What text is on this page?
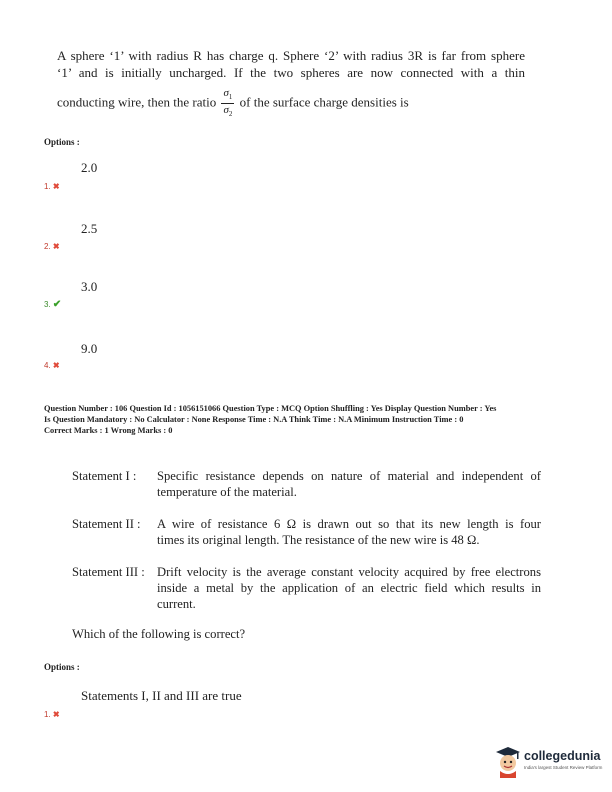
A sphere ‘1’ with radius R has charge q. Sphere ‘2’ with radius 3R is far from sphere
‘1’ and is initially uncharged. If the two spheres are now connected with a thin
conducting wire, then the ratio $\frac{\sigma_1}{\sigma_2}$ of the surface charge densities is
Options :
2.0
1. ✖
2.5
2. ✖
3.0
3. ✔
9.0
4. ✖
Question Number : 106 Question Id : 1056151066 Question Type : MCQ Option Shuffling : Yes Display Question Number : Yes
Is Question Mandatory : No Calculator : None Response Time : N.A Think Time : N.A Minimum Instruction Time : 0
Correct Marks : 1 Wrong Marks : 0
Statement I :	Specific resistance depends on nature of material and independent of
temperature of the material.
Statement II :	A wire of resistance 6 Ω is drawn out so that its new length is four
times its original length. The resistance of the new wire is 48 Ω.
Statement III : Drift velocity is the average constant velocity acquired by free electrons
inside a metal by the application of an electric field which results in
current.
Which of the following is correct?
Options :
Statements I, II and III are true
1. ✖
collegedunia
India's largest Student Review Platform
